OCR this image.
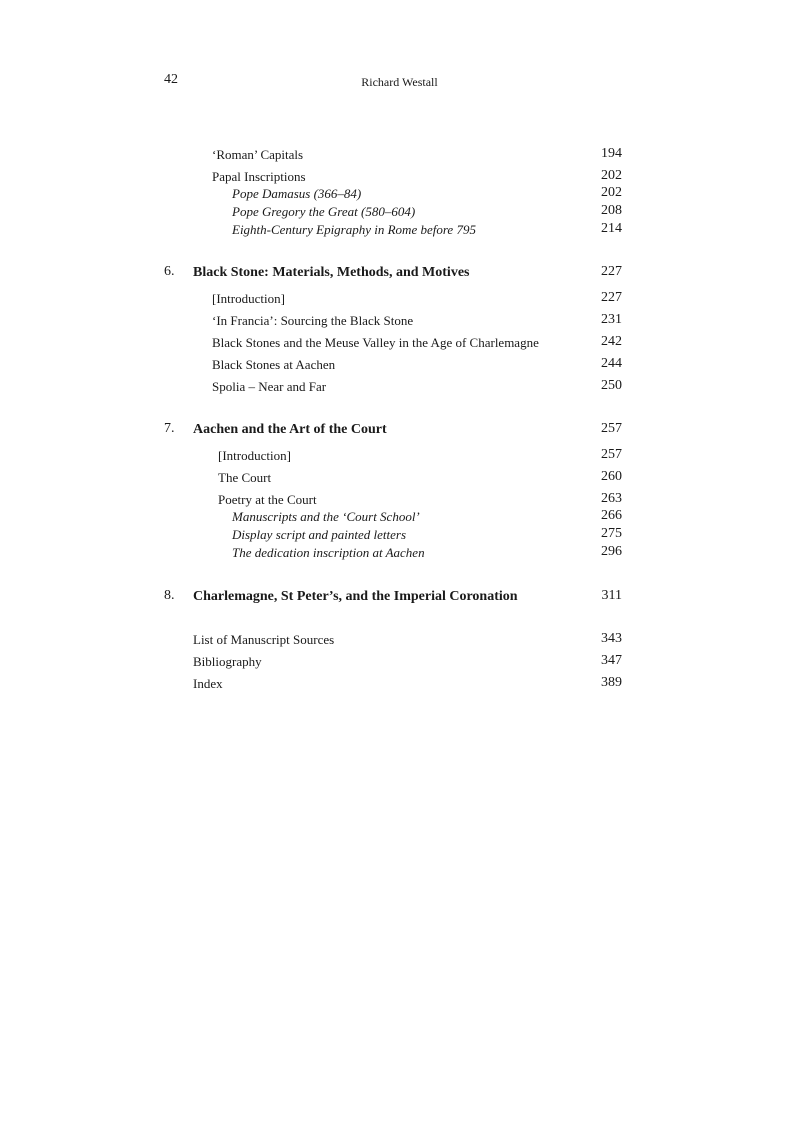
42	Richard Westall
‘Roman’ Capitals	194
Papal Inscriptions	202
Pope Damasus (366–84)	202
Pope Gregory the Great (580–604)	208
Eighth-Century Epigraphy in Rome before 795	214
6. Black Stone: Materials, Methods, and Motives	227
[Introduction]	227
‘In Francia’: Sourcing the Black Stone	231
Black Stones and the Meuse Valley in the Age of Charlemagne	242
Black Stones at Aachen	244
Spolia – Near and Far	250
7. Aachen and the Art of the Court	257
[Introduction]	257
The Court	260
Poetry at the Court	263
Manuscripts and the ‘Court School’	266
Display script and painted letters	275
The dedication inscription at Aachen	296
8. Charlemagne, St Peter’s, and the Imperial Coronation	311
List of Manuscript Sources	343
Bibliography	347
Index	389
